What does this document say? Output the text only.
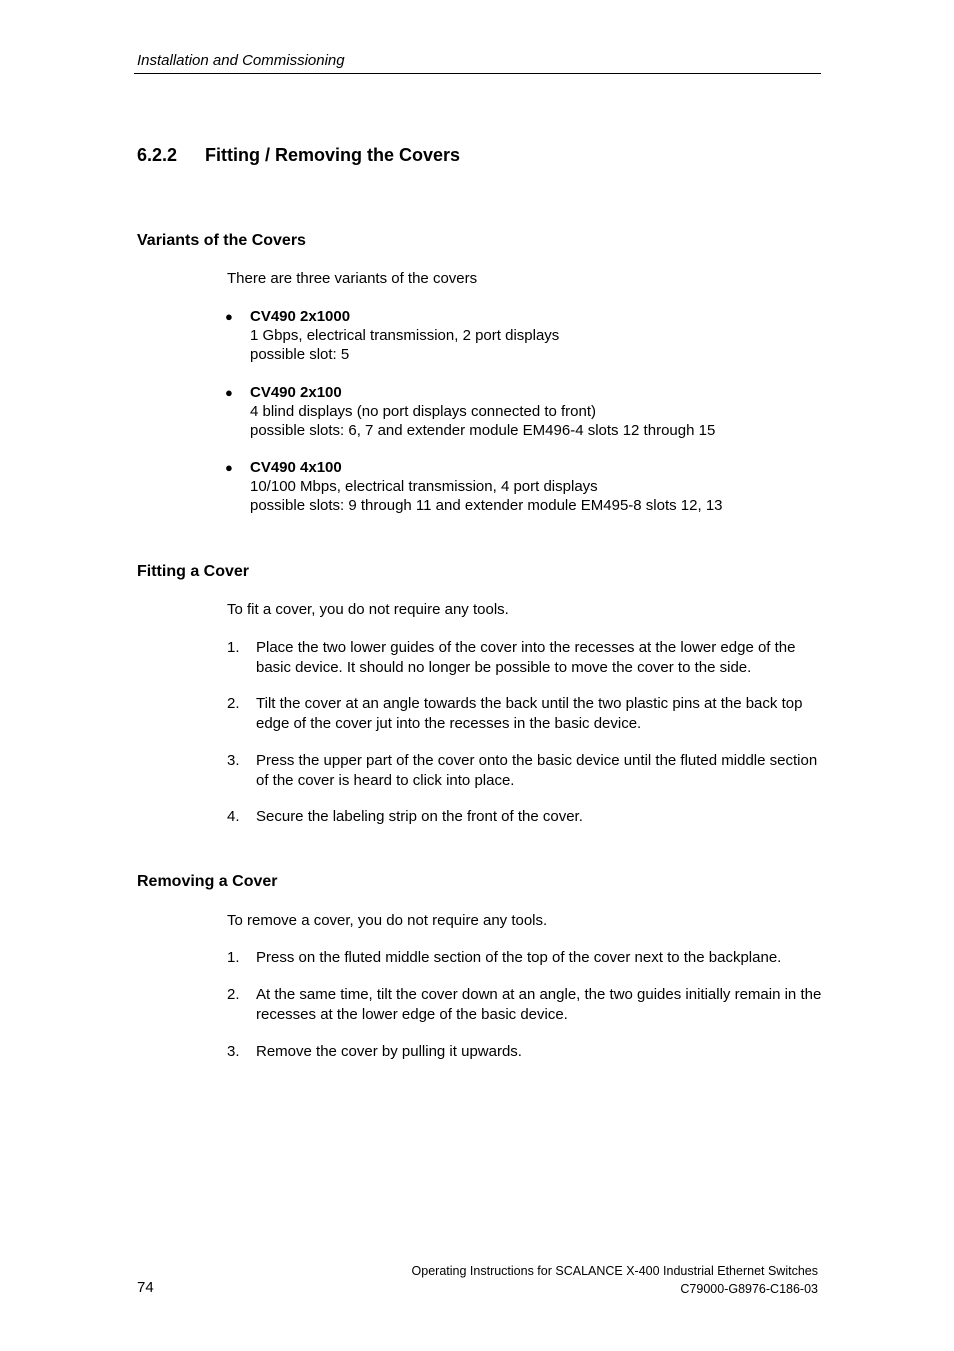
Installation and Commissioning
6.2.2 Fitting / Removing the Covers
Variants of the Covers
There are three variants of the covers
● CV490 2x1000
1 Gbps, electrical transmission, 2 port displays
possible slot: 5
● CV490 2x100
4 blind displays (no port displays connected to front)
possible slots: 6, 7 and extender module EM496-4 slots 12 through 15
● CV490 4x100
10/100 Mbps, electrical transmission, 4 port displays
possible slots: 9 through 11 and extender module EM495-8 slots 12, 13
Fitting a Cover
To fit a cover, you do not require any tools.
1. Place the two lower guides of the cover into the recesses at the lower edge of the basic device. It should no longer be possible to move the cover to the side.
2. Tilt the cover at an angle towards the back until the two plastic pins at the back top edge of the cover jut into the recesses in the basic device.
3. Press the upper part of the cover onto the basic device until the fluted middle section of the cover is heard to click into place.
4. Secure the labeling strip on the front of the cover.
Removing a Cover
To remove a cover, you do not require any tools.
1. Press on the fluted middle section of the top of the cover next to the backplane.
2. At the same time, tilt the cover down at an angle, the two guides initially remain in the recesses at the lower edge of the basic device.
3. Remove the cover by pulling it upwards.
74
Operating Instructions for SCALANCE X-400 Industrial Ethernet Switches
C79000-G8976-C186-03
